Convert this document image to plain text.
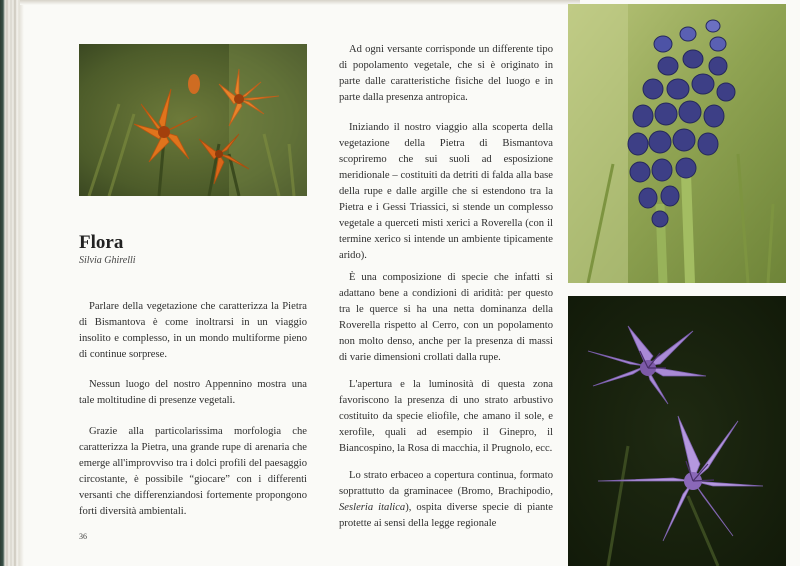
Flora
Silvia Ghirelli

Parlare della vegetazione che caratterizza la Pietra di Bismantova è come inoltrarsi in un viaggio insolito e complesso, in un mondo multiforme pieno di continue sorprese.

Nessun luogo del nostro Appennino mostra una tale moltitudine di presenze vegetali.

Grazie alla particolarissima morfologia che caratterizza la Pietra, una grande rupe di arenaria che emerge all'improvviso tra i dolci profili del paesaggio circostante, è possibile “giocare” con i differenti versanti che differenziandosi fortemente propongono forti diversità ambientali.

Ad ogni versante corrisponde un differente tipo di popolamento vegetale, che si è originato in parte dalle caratteristiche fisiche del luogo e in parte dalla presenza antropica.

Iniziando il nostro viaggio alla scoperta della vegetazione della Pietra di Bismantova scopriremo che sui suoli ad esposizione meridionale – costituiti da detriti di falda alla base della rupe e dalle argille che si estendono tra la Pietra e i Gessi Triassici, si stende un complesso vegetale a querceti misti xerici a Roverella (con il termine xerico si intende un ambiente tipicamente arido).

È una composizione di specie che infatti si adattano bene a condizioni di aridità: per questo tra le querce si ha una netta dominanza della Roverella rispetto al Cerro, con un popolamento non molto denso, anche per la presenza di massi di varie dimensioni crollati dalla rupe.

L'apertura e la luminosità di questa zona favoriscono la presenza di uno strato arbustivo costituito da specie eliofile, che amano il sole, e xerofile, quali ad esempio il Ginepro, il Biancospino, la Rosa di macchia, il Prugnolo, ecc.

Lo strato erbaceo a copertura continua, formato soprattutto da graminacee (Bromo, Brachipodio, Sesleria italica), ospita diverse specie di piante protette ai sensi della legge regionale

36
